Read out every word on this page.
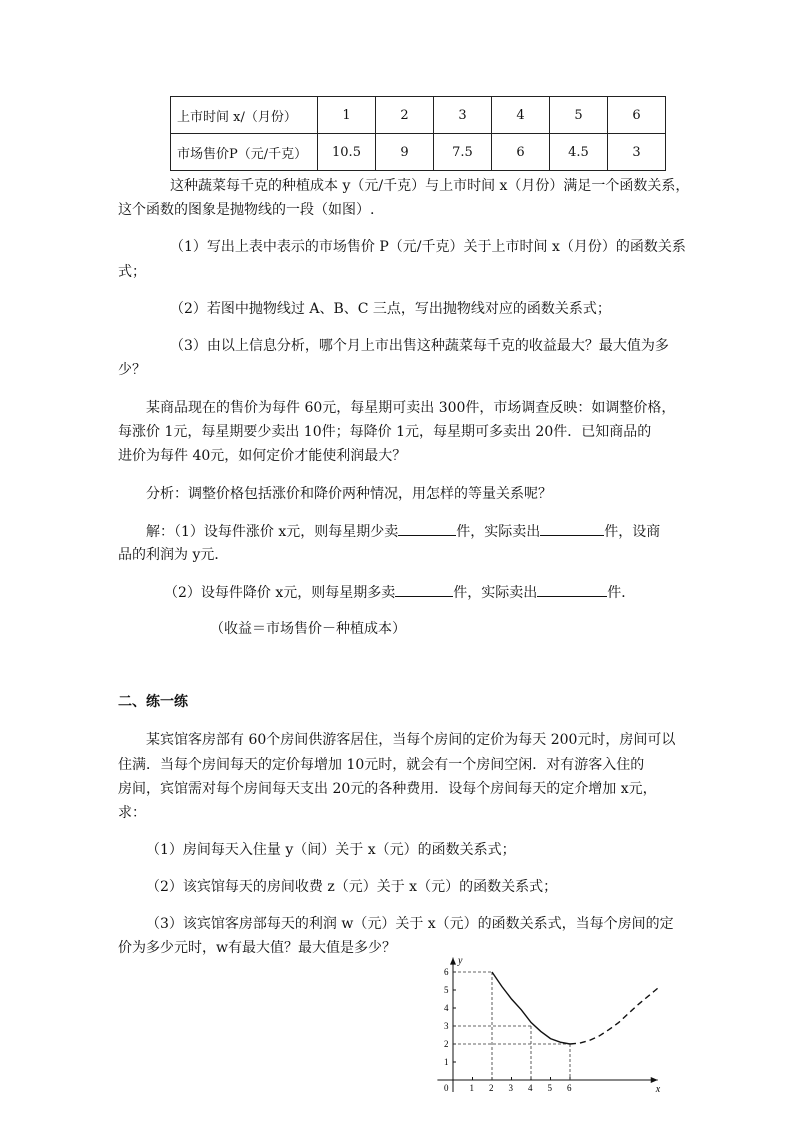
上市时间 x/（月份）	1	2	3	4	5	6
市场售价P（元/千克）	10.5	9	7.5	6	4.5	3
这种蔬菜每千克的种植成本 y（元/千克）与上市时间 x（月份）满足一个函数关系，
这个函数的图象是抛物线的一段（如图）.
（1）写出上表中表示的市场售价 P（元/千克）关于上市时间 x（月份）的函数关系
式；
（2）若图中抛物线过 A、B、C 三点，写出抛物线对应的函数关系式；
（3）由以上信息分析，哪个月上市出售这种蔬菜每千克的收益最大？最大值为多
少？
某商品现在的售价为每件 60元，每星期可卖出 300件，市场调查反映：如调整价格，
每涨价 1元，每星期要少卖出 10件；每降价 1元，每星期可多卖出 20件．已知商品的
进价为每件 40元，如何定价才能使利润最大？
分析：调整价格包括涨价和降价两种情况，用怎样的等量关系呢？
解：（1）设每件涨价 x元，则每星期少卖	件，实际卖出	件，设商
品的利润为 y元．
（2）设每件降价 x元，则每星期多卖	件，实际卖出	件．
（收益＝市场售价－种植成本）
二、练一练
某宾馆客房部有 60个房间供游客居住，当每个房间的定价为每天 200元时，房间可以
住满．当每个房间每天的定价每增加 10元时，就会有一个房间空闲．对有游客入住的
房间，宾馆需对每个房间每天支出 20元的各种费用．设每个房间每天的定介增加 x元，
求：
（1）房间每天入住量 y（间）关于 x（元）的函数关系式；
（2）该宾馆每天的房间收费 z（元）关于 x（元）的函数关系式；
（3）该宾馆客房部每天的利润 w（元）关于 x（元）的函数关系式，当每个房间的定
价为多少元时，w有最大值？最大值是多少？
x
y
0 1 2 3 4 5 6
1
2
3
4
5
6
